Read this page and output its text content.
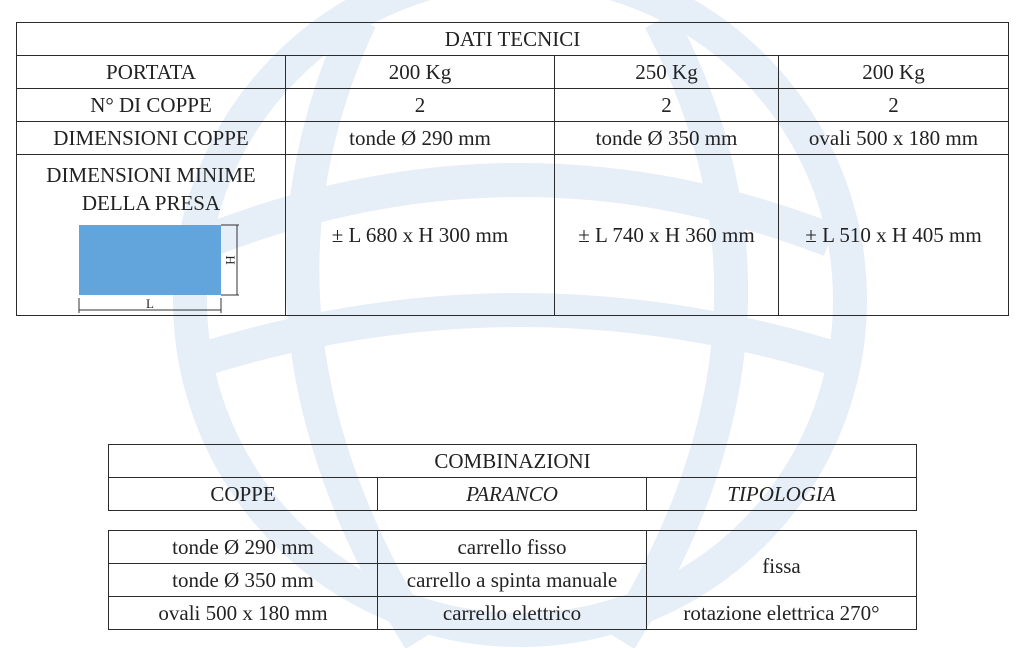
DATI TECNICI			
PORTATA	200 Kg	250 Kg	200 Kg
N° DI COPPE	2	2	2
DIMENSIONI COPPE	tonde Ø 290 mm	tonde Ø 350 mm	ovali 500 x 180 mm

DIMENSIONI MINIME
DELLA PRESA
H
L	± L 680 x H 300 mm	± L 740 x H 360 mm	± L 510 x H 405 mm
COMBINAZIONI
COPPE	PARANCO	TIPOLOGIA
tonde Ø 290 mm	carrello fisso	fissa
tonde Ø 350 mm	carrello a spinta manuale	
ovali 500 x 180 mm	carrello elettrico	rotazione elettrica 270°
